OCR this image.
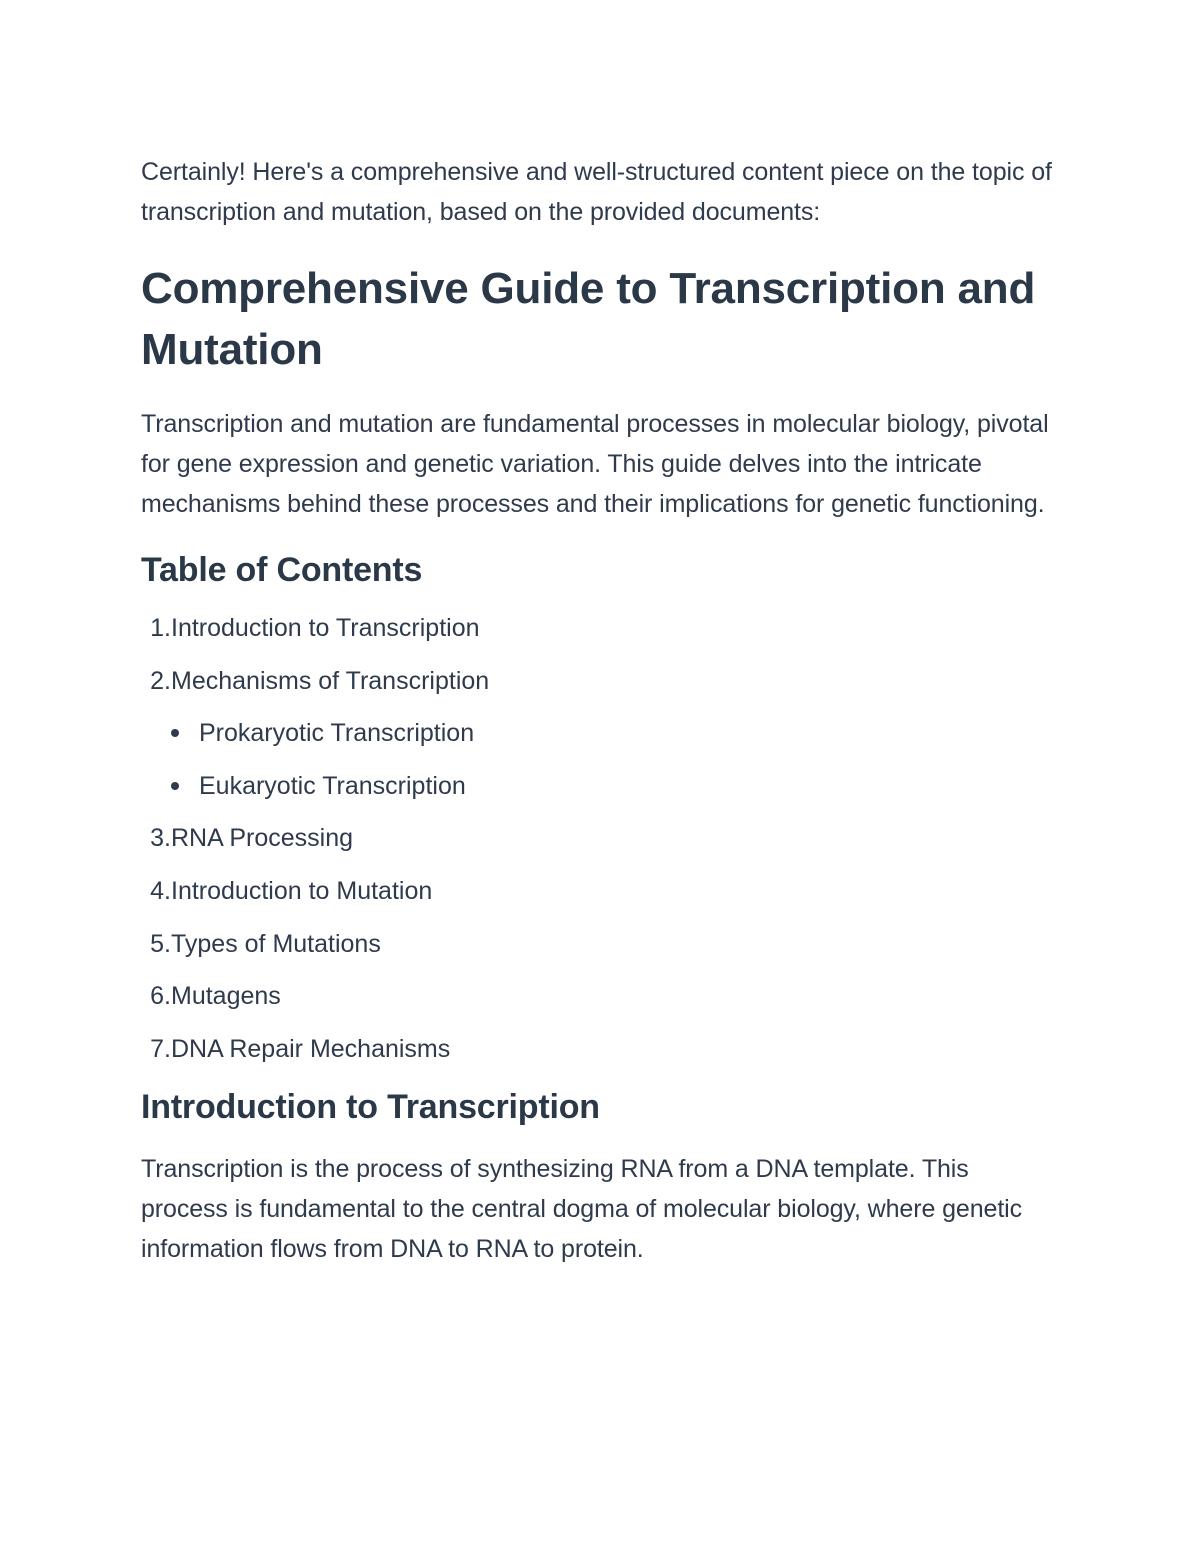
Certainly! Here's a comprehensive and well-structured content piece on the topic of transcription and mutation, based on the provided documents:

Comprehensive Guide to Transcription and Mutation

Transcription and mutation are fundamental processes in molecular biology, pivotal for gene expression and genetic variation. This guide delves into the intricate mechanisms behind these processes and their implications for genetic functioning.

Table of Contents
1. Introduction to Transcription
2. Mechanisms of Transcription
Prokaryotic Transcription
Eukaryotic Transcription
3. RNA Processing
4. Introduction to Mutation
5. Types of Mutations
6. Mutagens
7. DNA Repair Mechanisms
Introduction to Transcription

Transcription is the process of synthesizing RNA from a DNA template. This process is fundamental to the central dogma of molecular biology, where genetic information flows from DNA to RNA to protein.
